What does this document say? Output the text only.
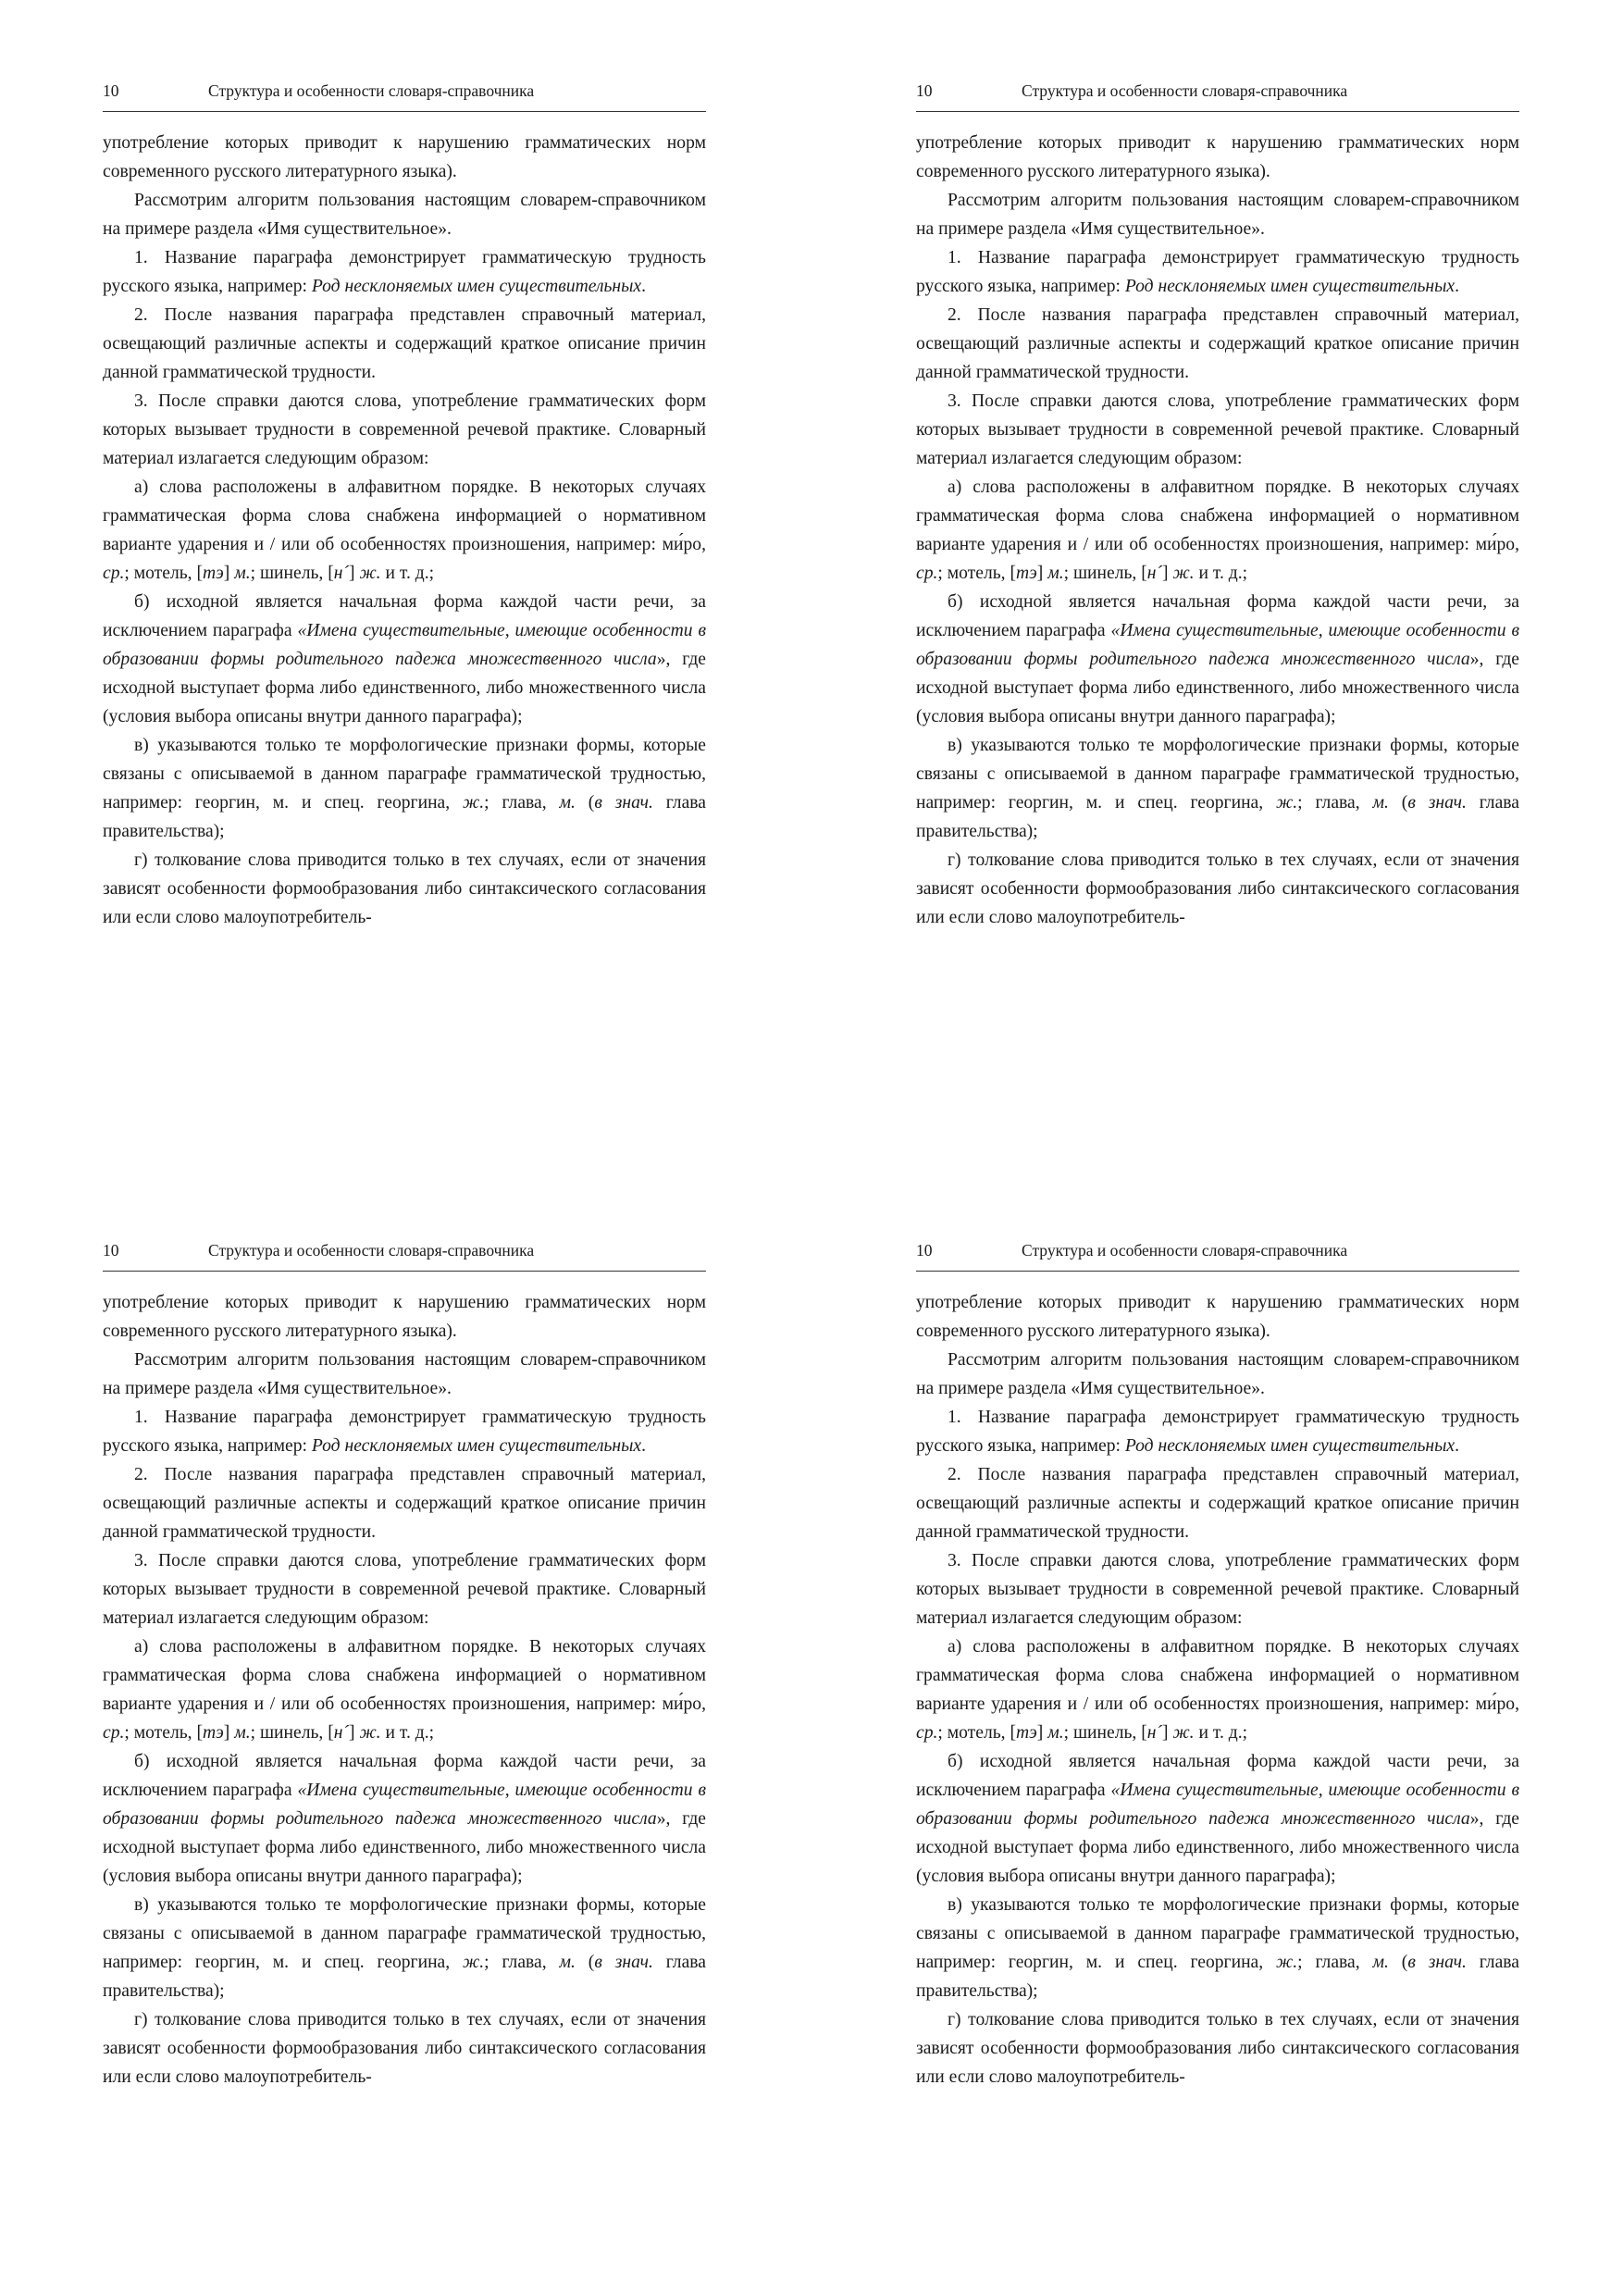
10	Структура и особенности словаря-справочника

употребление которых приводит к нарушению грамматических норм современного русского литературного языка).

Рассмотрим алгоритм пользования настоящим словарем-справочником на примере раздела «Имя существительное».

1. Название параграфа демонстрирует грамматическую трудность русского языка, например: Род несклоняемых имен существительных.

2. После названия параграфа представлен справочный материал, освещающий различные аспекты и содержащий краткое описание причин данной грамматической трудности.

3. После справки даются слова, употребление грамматических форм которых вызывает трудности в современной речевой практике. Словарный материал излагается следующим образом:

а) слова расположены в алфавитном порядке. В некоторых случаях грамматическая форма слова снабжена информацией о нормативном варианте ударения и / или об особенностях произношения, например: ми́ро, ср.; мотель, [тэ] м.; шинель, [н´] ж. и т. д.;

б) исходной является начальная форма каждой части речи, за исключением параграфа «Имена существительные, имеющие особенности в образовании формы родительного падежа множественного числа», где исходной выступает форма либо единственного, либо множественного числа (условия выбора описаны внутри данного параграфа);

в) указываются только те морфологические признаки формы, которые связаны с описываемой в данном параграфе грамматической трудностью, например: георгин, м. и спец. георгина, ж.; глава, м. (в знач. глава правительства);

г) толкование слова приводится только в тех случаях, если от значения зависят особенности формообразования либо синтаксического согласования или если слово малоупотребитель-

10	Структура и особенности словаря-справочника

употребление которых приводит к нарушению грамматических норм современного русского литературного языка).

Рассмотрим алгоритм пользования настоящим словарем-справочником на примере раздела «Имя существительное».

1. Название параграфа демонстрирует грамматическую трудность русского языка, например: Род несклоняемых имен существительных.

2. После названия параграфа представлен справочный материал, освещающий различные аспекты и содержащий краткое описание причин данной грамматической трудности.

3. После справки даются слова, употребление грамматических форм которых вызывает трудности в современной речевой практике. Словарный материал излагается следующим образом:

а) слова расположены в алфавитном порядке. В некоторых случаях грамматическая форма слова снабжена информацией о нормативном варианте ударения и / или об особенностях произношения, например: ми́ро, ср.; мотель, [тэ] м.; шинель, [н´] ж. и т. д.;

б) исходной является начальная форма каждой части речи, за исключением параграфа «Имена существительные, имеющие особенности в образовании формы родительного падежа множественного числа», где исходной выступает форма либо единственного, либо множественного числа (условия выбора описаны внутри данного параграфа);

в) указываются только те морфологические признаки формы, которые связаны с описываемой в данном параграфе грамматической трудностью, например: георгин, м. и спец. георгина, ж.; глава, м. (в знач. глава правительства);

г) толкование слова приводится только в тех случаях, если от значения зависят особенности формообразования либо синтаксического согласования или если слово малоупотребитель-

10	Структура и особенности словаря-справочника

употребление которых приводит к нарушению грамматических норм современного русского литературного языка).

Рассмотрим алгоритм пользования настоящим словарем-справочником на примере раздела «Имя существительное».

1. Название параграфа демонстрирует грамматическую трудность русского языка, например: Род несклоняемых имен существительных.

2. После названия параграфа представлен справочный материал, освещающий различные аспекты и содержащий краткое описание причин данной грамматической трудности.

3. После справки даются слова, употребление грамматических форм которых вызывает трудности в современной речевой практике. Словарный материал излагается следующим образом:

а) слова расположены в алфавитном порядке. В некоторых случаях грамматическая форма слова снабжена информацией о нормативном варианте ударения и / или об особенностях произношения, например: ми́ро, ср.; мотель, [тэ] м.; шинель, [н´] ж. и т. д.;

б) исходной является начальная форма каждой части речи, за исключением параграфа «Имена существительные, имеющие особенности в образовании формы родительного падежа множественного числа», где исходной выступает форма либо единственного, либо множественного числа (условия выбора описаны внутри данного параграфа);

в) указываются только те морфологические признаки формы, которые связаны с описываемой в данном параграфе грамматической трудностью, например: георгин, м. и спец. георгина, ж.; глава, м. (в знач. глава правительства);

г) толкование слова приводится только в тех случаях, если от значения зависят особенности формообразования либо синтаксического согласования или если слово малоупотребитель-

10	Структура и особенности словаря-справочника

употребление которых приводит к нарушению грамматических норм современного русского литературного языка).

Рассмотрим алгоритм пользования настоящим словарем-справочником на примере раздела «Имя существительное».

1. Название параграфа демонстрирует грамматическую трудность русского языка, например: Род несклоняемых имен существительных.

2. После названия параграфа представлен справочный материал, освещающий различные аспекты и содержащий краткое описание причин данной грамматической трудности.

3. После справки даются слова, употребление грамматических форм которых вызывает трудности в современной речевой практике. Словарный материал излагается следующим образом:

а) слова расположены в алфавитном порядке. В некоторых случаях грамматическая форма слова снабжена информацией о нормативном варианте ударения и / или об особенностях произношения, например: ми́ро, ср.; мотель, [тэ] м.; шинель, [н´] ж. и т. д.;

б) исходной является начальная форма каждой части речи, за исключением параграфа «Имена существительные, имеющие особенности в образовании формы родительного падежа множественного числа», где исходной выступает форма либо единственного, либо множественного числа (условия выбора описаны внутри данного параграфа);

в) указываются только те морфологические признаки формы, которые связаны с описываемой в данном параграфе грамматической трудностью, например: георгин, м. и спец. георгина, ж.; глава, м. (в знач. глава правительства);

г) толкование слова приводится только в тех случаях, если от значения зависят особенности формообразования либо синтаксического согласования или если слово малоупотребитель-
